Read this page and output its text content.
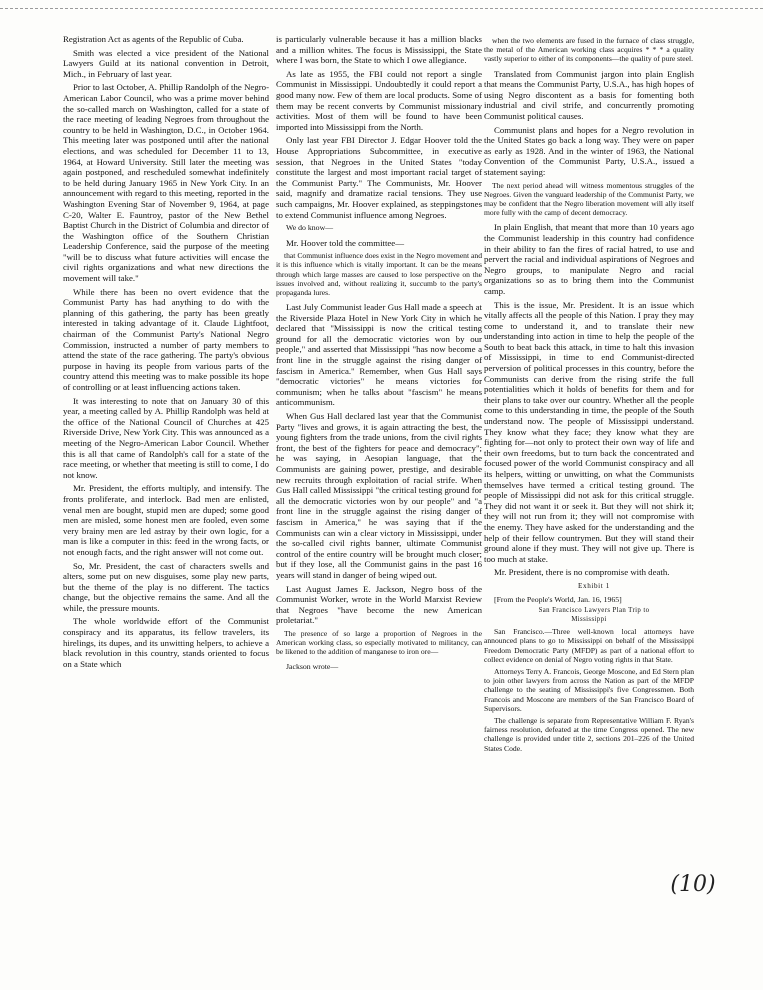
Registration Act as agents of the Republic of Cuba.

Smith was elected a vice president of the National Lawyers Guild at its national convention in Detroit, Mich., in February of last year.

Prior to last October, A. Phillip Randolph of the Negro-American Labor Council, who was a prime mover behind the so-called march on Washington, called for a state of the race meeting of leading Negroes from throughout the country to be held in Washington, D.C., in October 1964. This meeting later was postponed until after the national elections, and was scheduled for December 11 to 13, 1964, at Howard University. Still later the meeting was again postponed, and rescheduled somewhat indefinitely to be held during January 1965 in New York City. In an announcement with regard to this meeting, reported in the Washington Evening Star of November 9, 1964, at page C-20, Walter E. Fauntroy, pastor of the New Bethel Baptist Church in the District of Columbia and director of the Washington office of the Southern Christian Leadership Conference, said the purpose of the meeting "will be to discuss what future activities will encase the civil rights organizations and what new directions the movement will take."

While there has been no overt evidence that the Communist Party has had anything to do with the planning of this gathering, the party has been greatly interested in taking advantage of it. Claude Lightfoot, chairman of the Communist Party's National Negro Commission, instructed a number of party members to attend the state of the race gathering. The party's obvious purpose in having its people from various parts of the country attend this meeting was to make possible its hope of controlling or at least influencing actions taken.

It was interesting to note that on January 30 of this year, a meeting called by A. Phillip Randolph was held at the office of the National Council of Churches at 425 Riverside Drive, New York City. This was announced as a meeting of the Negro-American Labor Council. Whether this is all that came of Randolph's call for a state of the race meeting, or whether that meeting is still to come, I do not know.

Mr. President, the efforts multiply, and intensify. The fronts proliferate, and interlock. Bad men are enlisted, venal men are bought, stupid men are duped; some good men are misled, some honest men are fooled, even some very brainy men are led astray by their own logic, for a man is like a computer in this: feed in the wrong facts, or not enough facts, and the right answer will not come out.

So, Mr. President, the cast of characters swells and alters, some put on new disguises, some play new parts, but the theme of the play is no different. The tactics change, but the objective remains the same. And all the while, the pressure mounts.

The whole worldwide effort of the Communist conspiracy and its apparatus, its fellow travelers, its hirelings, its dupes, and its unwitting helpers, to achieve a black revolution in this country, stands oriented to focus on a State which

is particularly vulnerable because it has a million blacks and a million whites. The focus is Mississippi, the State where I was born, the State to which I owe allegiance.

As late as 1955, the FBI could not report a single Communist in Mississippi. Undoubtedly it could report a good many now. Few of them are local products. Some of them may be recent converts by Communist missionary activities. Most of them will be found to have been imported into Mississippi from the North.

Only last year FBI Director J. Edgar Hoover told the House Appropriations Subcommittee, in executive session, that Negroes in the United States "today constitute the largest and most important racial target of the Communist Party." The Communists, Mr. Hoover said, magnify and dramatize racial tensions. They use such campaigns, Mr. Hoover explained, as steppingstones to extend Communist influence among Negroes.

We do know—

Mr. Hoover told the committee—

that Communist influence does exist in the Negro movement and it is this influence which is vitally important. It can be the means through which large masses are caused to lose perspective on the issues involved and, without realizing it, succumb to the party's propaganda lures.

Last July Communist leader Gus Hall made a speech at the Riverside Plaza Hotel in New York City in which he declared that "Mississippi is now the critical testing ground for all the democratic victories won by our people," and asserted that Mississippi "has now become a front line in the struggle against the rising danger of fascism in America." Remember, when Gus Hall says "democratic victories" he means victories for communism; when he talks about "fascism" he means anticommunism.

When Gus Hall declared last year that the Communist Party "lives and grows, it is again attracting the best, the young fighters from the trade unions, from the civil rights front, the best of the fighters for peace and democracy"; he was saying, in Aesopian language, that the Communists are gaining power, prestige, and desirable new recruits through exploitation of racial strife. When Gus Hall called Mississippi "the critical testing ground for all the democratic victories won by our people" and "a front line in the struggle against the rising danger of fascism in America," he was saying that if the Communists can win a clear victory in Mississippi, under the so-called civil rights banner, ultimate Communist control of the entire country will be brought much closer; but if they lose, all the Communist gains in the past 16 years will stand in danger of being wiped out.

Last August James E. Jackson, Negro boss of the Communist Worker, wrote in the World Marxist Review that Negroes "have become the new American proletariat."

The presence of so large a proportion of Negroes in the American working class, so especially motivated to militancy, can be likened to the addition of manganese to iron ore—

Jackson wrote—

when the two elements are fused in the furnace of class struggle, the metal of the American working class acquires * * * a quality vastly superior to either of its components—the quality of pure steel.

Translated from Communist jargon into plain English that means the Communist Party, U.S.A., has high hopes of using Negro discontent as a basis for fomenting both industrial and civil strife, and concurrently promoting Communist political causes.

Communist plans and hopes for a Negro revolution in the United States go back a long way. They were on paper as early as 1928. And in the winter of 1963, the National Convention of the Communist Party, U.S.A., issued a statement saying:

The next period ahead will witness momentous struggles of the Negroes. Given the vanguard leadership of the Communist Party, we may be confident that the Negro liberation movement will ally itself more fully with the camp of decent democracy.

In plain English, that meant that more than 10 years ago the Communist leadership in this country had confidence in their ability to fan the fires of racial hatred, to use and pervert the racial and individual aspirations of Negroes and Negro groups, to manipulate Negro and racial organizations so as to bring them into the Communist camp.

This is the issue, Mr. President. It is an issue which vitally affects all the people of this Nation. I pray they may come to understand it, and to translate their new understanding into action in time to help the people of the South to beat back this attack, in time to halt this invasion of Mississippi, in time to end Communist-directed perversion of political processes in this country, before the Communists can derive from the rising strife the full potentialities which it holds of benefits for them and for their plans to take over our country. Whether all the people come to this understanding in time, the people of the South understand now. The people of Mississippi understand. They know what they face; they know what they are fighting for—not only to protect their own way of life and their own freedoms, but to turn back the concentrated and focused power of the world Communist conspiracy and all its helpers, witting or unwitting, on what the Communists themselves have termed a critical testing ground. The people of Mississippi did not ask for this critical struggle. They did not want it or seek it. But they will not shirk it; they will not run from it; they will not compromise with the enemy. They have asked for the understanding and the help of their fellow countrymen. But they will stand their ground alone if they must. They will not give up. There is too much at stake.

Mr. President, there is no compromise with death.

Exhibit 1

[From the People's World, Jan. 16, 1965]

San Francisco Lawyers Plan Trip to
Mississippi

San Francisco.—Three well-known local attorneys have announced plans to go to Mississippi on behalf of the Mississippi Freedom Democratic Party (MFDP) as part of a national effort to collect evidence on denial of Negro voting rights in that State.

Attorneys Terry A. Francois, George Moscone, and Ed Stern plan to join other lawyers from across the Nation as part of the MFDP challenge to the seating of Mississippi's five Congressmen. Both Francois and Moscone are members of the San Francisco Board of Supervisors.

The challenge is separate from Representative William F. Ryan's fairness resolution, defeated at the time Congress opened. The new challenge is provided under title 2, sections 201–226 of the United States Code.

(10)
